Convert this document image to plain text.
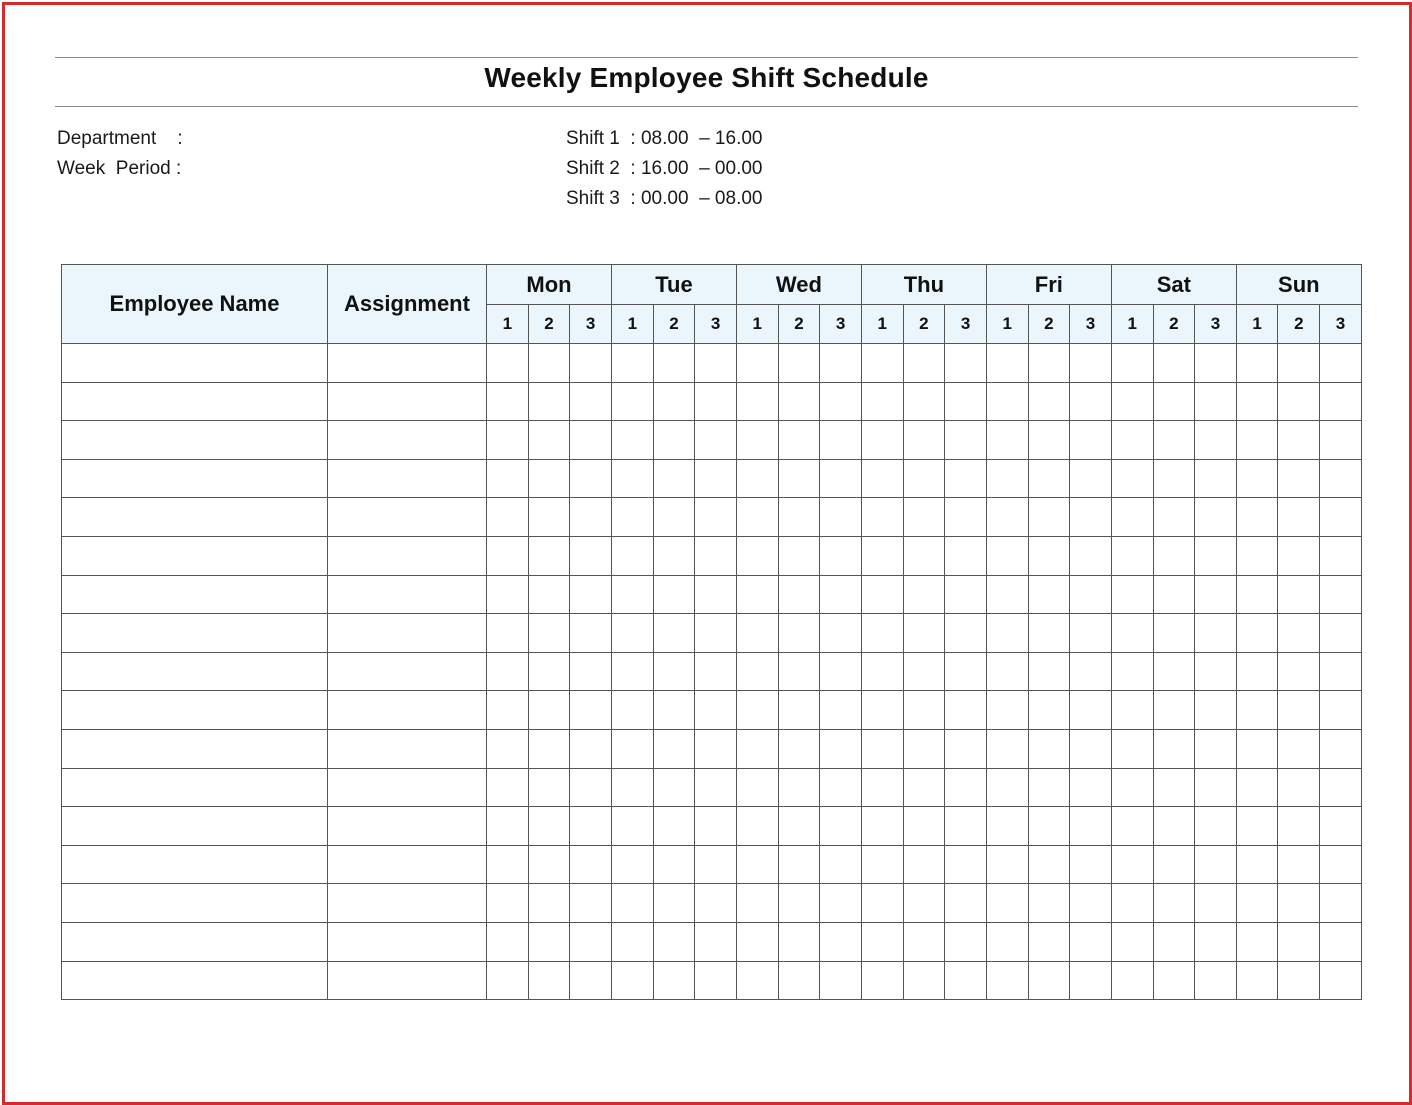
Weekly Employee Shift Schedule
Department    :
Week  Period :
Shift 1  : 08.00  – 16.00
Shift 2  : 16.00  – 00.00
Shift 3  : 00.00  – 08.00
Employee Name	Assignment	Mon			Tue			Wed			Thu			Fri			Sat			Sun		
		1	2	3	1	2	3	1	2	3	1	2	3	1	2	3	1	2	3	1	2	3
